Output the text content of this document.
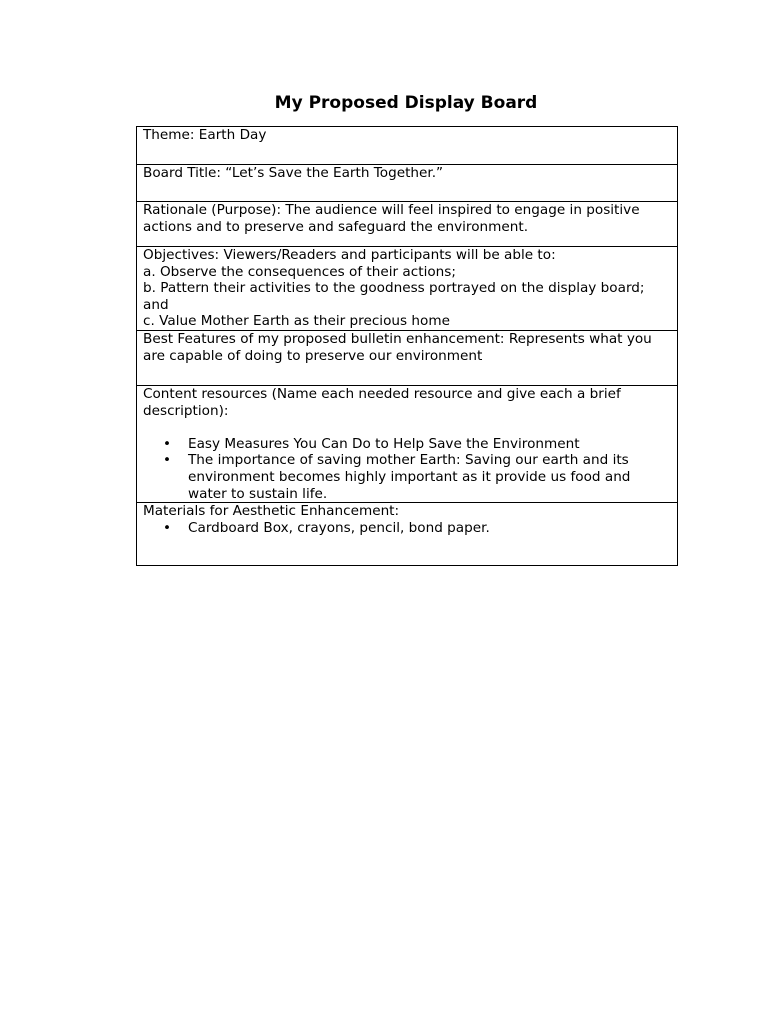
My Proposed Display Board
Theme: Earth Day
Board Title: “Let’s Save the Earth Together.”
Rationale (Purpose): The audience will feel inspired to engage in positive actions and to preserve and safeguard the environment.

Objectives: Viewers/Readers and participants will be able to:
a. Observe the consequences of their actions;
b. Pattern their activities to the goodness portrayed on the display board; and
c. Value Mother Earth as their precious home

Best Features of my proposed bulletin enhancement: Represents what you are capable of doing to preserve our environment

Content resources (Name each needed resource and give each a brief description):
• Easy Measures You Can Do to Help Save the Environment
• The importance of saving mother Earth: Saving our earth and its environment becomes highly important as it provide us food and water to sustain life.

Materials for Aesthetic Enhancement:
• Cardboard Box, crayons, pencil, bond paper.
